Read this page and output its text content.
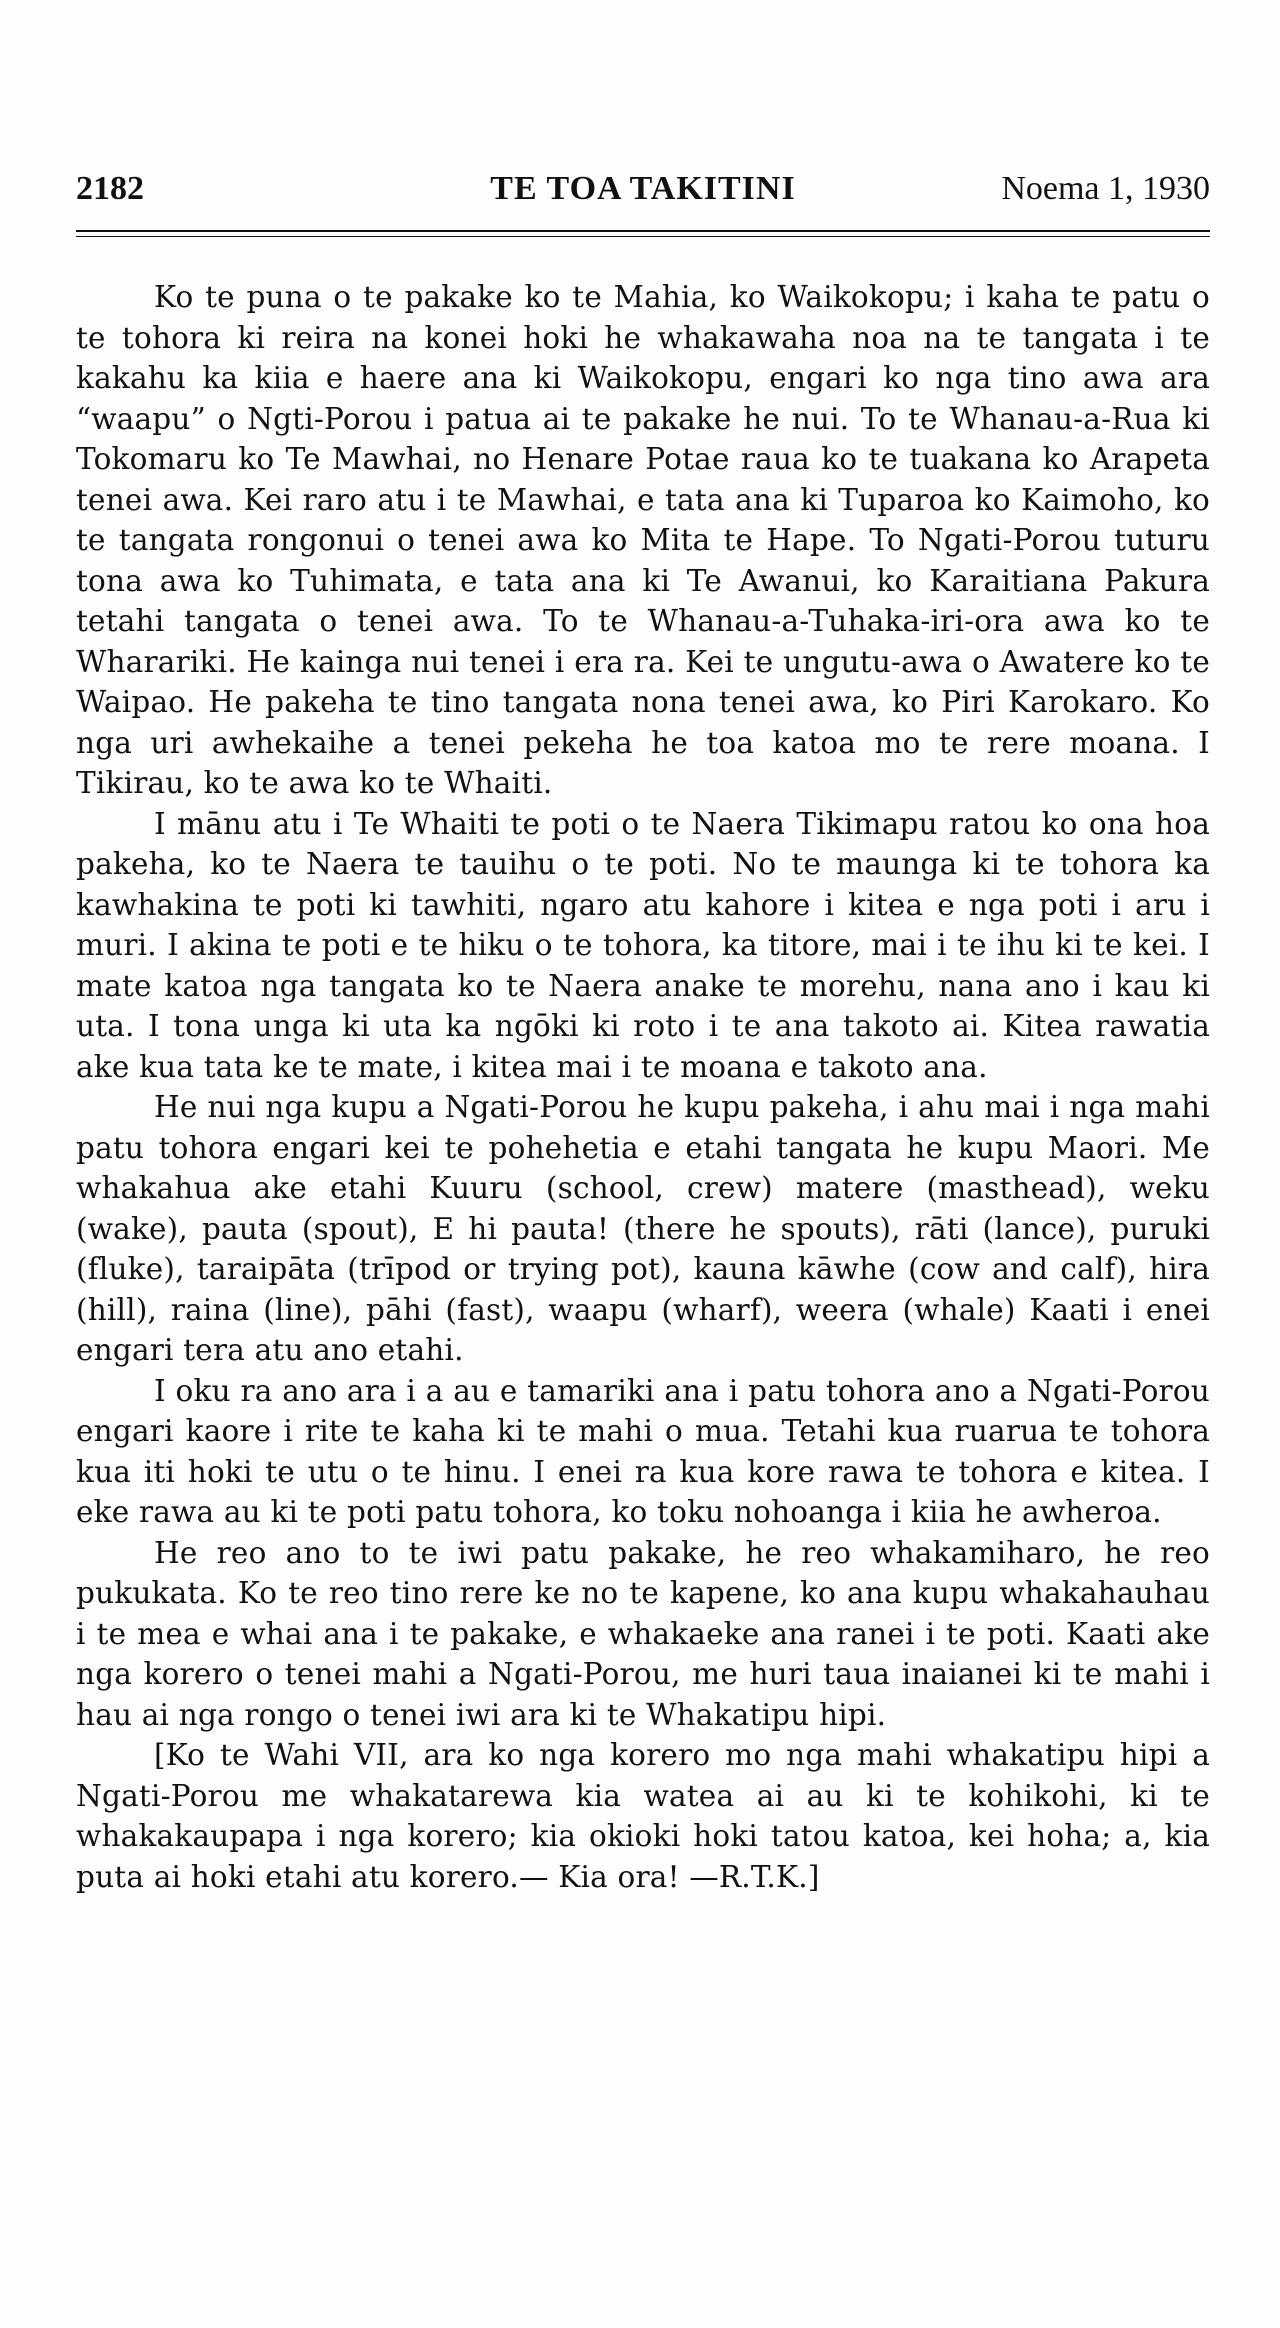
2182	TE TOA TAKITINI	Noema 1, 1930

Ko te puna o te pakake ko te Mahia, ko Waikokopu; i kaha te patu o te tohora ki reira na konei hoki he whakawaha noa na te tangata i te kakahu ka kiia e haere ana ki Waikokopu, engari ko nga tino awa ara “waapu” o Ngti-Porou i patua ai te pakake he nui. To te Whanau-a-Rua ki Tokomaru ko Te Mawhai, no Henare Potae raua ko te tuakana ko Arapeta tenei awa. Kei raro atu i te Mawhai, e tata ana ki Tuparoa ko Kaimoho, ko te tangata rongonui o tenei awa ko Mita te Hape. To Ngati-Porou tuturu tona awa ko Tuhimata, e tata ana ki Te Awanui, ko Karaitiana Pakura tetahi tangata o tenei awa. To te Whanau-a-Tuhaka-iri-ora awa ko te Wharariki. He kainga nui tenei i era ra. Kei te ungutu-awa o Awatere ko te Waipao. He pakeha te tino tangata nona tenei awa, ko Piri Karokaro. Ko nga uri awhekaihe a tenei pekeha he toa katoa mo te rere moana. I Tikirau, ko te awa ko te Whaiti.

I mānu atu i Te Whaiti te poti o te Naera Tikimapu ratou ko ona hoa pakeha, ko te Naera te tauihu o te poti. No te maunga ki te tohora ka kawhakina te poti ki tawhiti, ngaro atu kahore i kitea e nga poti i aru i muri. I akina te poti e te hiku o te tohora, ka titore, mai i te ihu ki te kei. I mate katoa nga tangata ko te Naera anake te morehu, nana ano i kau ki uta. I tona unga ki uta ka ngōki ki roto i te ana takoto ai. Kitea rawatia ake kua tata ke te mate, i kitea mai i te moana e takoto ana.

He nui nga kupu a Ngati-Porou he kupu pakeha, i ahu mai i nga mahi patu tohora engari kei te pohehetia e etahi tangata he kupu Maori. Me whakahua ake etahi Kuuru (school, crew) matere (masthead), weku (wake), pauta (spout), E hi pauta! (there he spouts), rāti (lance), puruki (fluke), taraipāta (trīpod or trying pot), kauna kāwhe (cow and calf), hira (hill), raina (line), pāhi (fast), waapu (wharf), weera (whale) Kaati i enei engari tera atu ano etahi.

I oku ra ano ara i a au e tamariki ana i patu tohora ano a Ngati-Porou engari kaore i rite te kaha ki te mahi o mua. Tetahi kua ruarua te tohora kua iti hoki te utu o te hinu. I enei ra kua kore rawa te tohora e kitea. I eke rawa au ki te poti patu tohora, ko toku nohoanga i kiia he awheroa.

He reo ano to te iwi patu pakake, he reo whakamiharo, he reo pukukata. Ko te reo tino rere ke no te kapene, ko ana kupu whakahauhau i te mea e whai ana i te pakake, e whakaeke ana ranei i te poti. Kaati ake nga korero o tenei mahi a Ngati-Porou, me huri taua inaianei ki te mahi i hau ai nga rongo o tenei iwi ara ki te Whakatipu hipi.

[Ko te Wahi VII, ara ko nga korero mo nga mahi whakatipu hipi a Ngati-Porou me whakatarewa kia watea ai au ki te kohikohi, ki te whakakaupapa i nga korero; kia okioki hoki tatou katoa, kei hoha; a, kia puta ai hoki etahi atu korero.— Kia ora! —R.T.K.]
